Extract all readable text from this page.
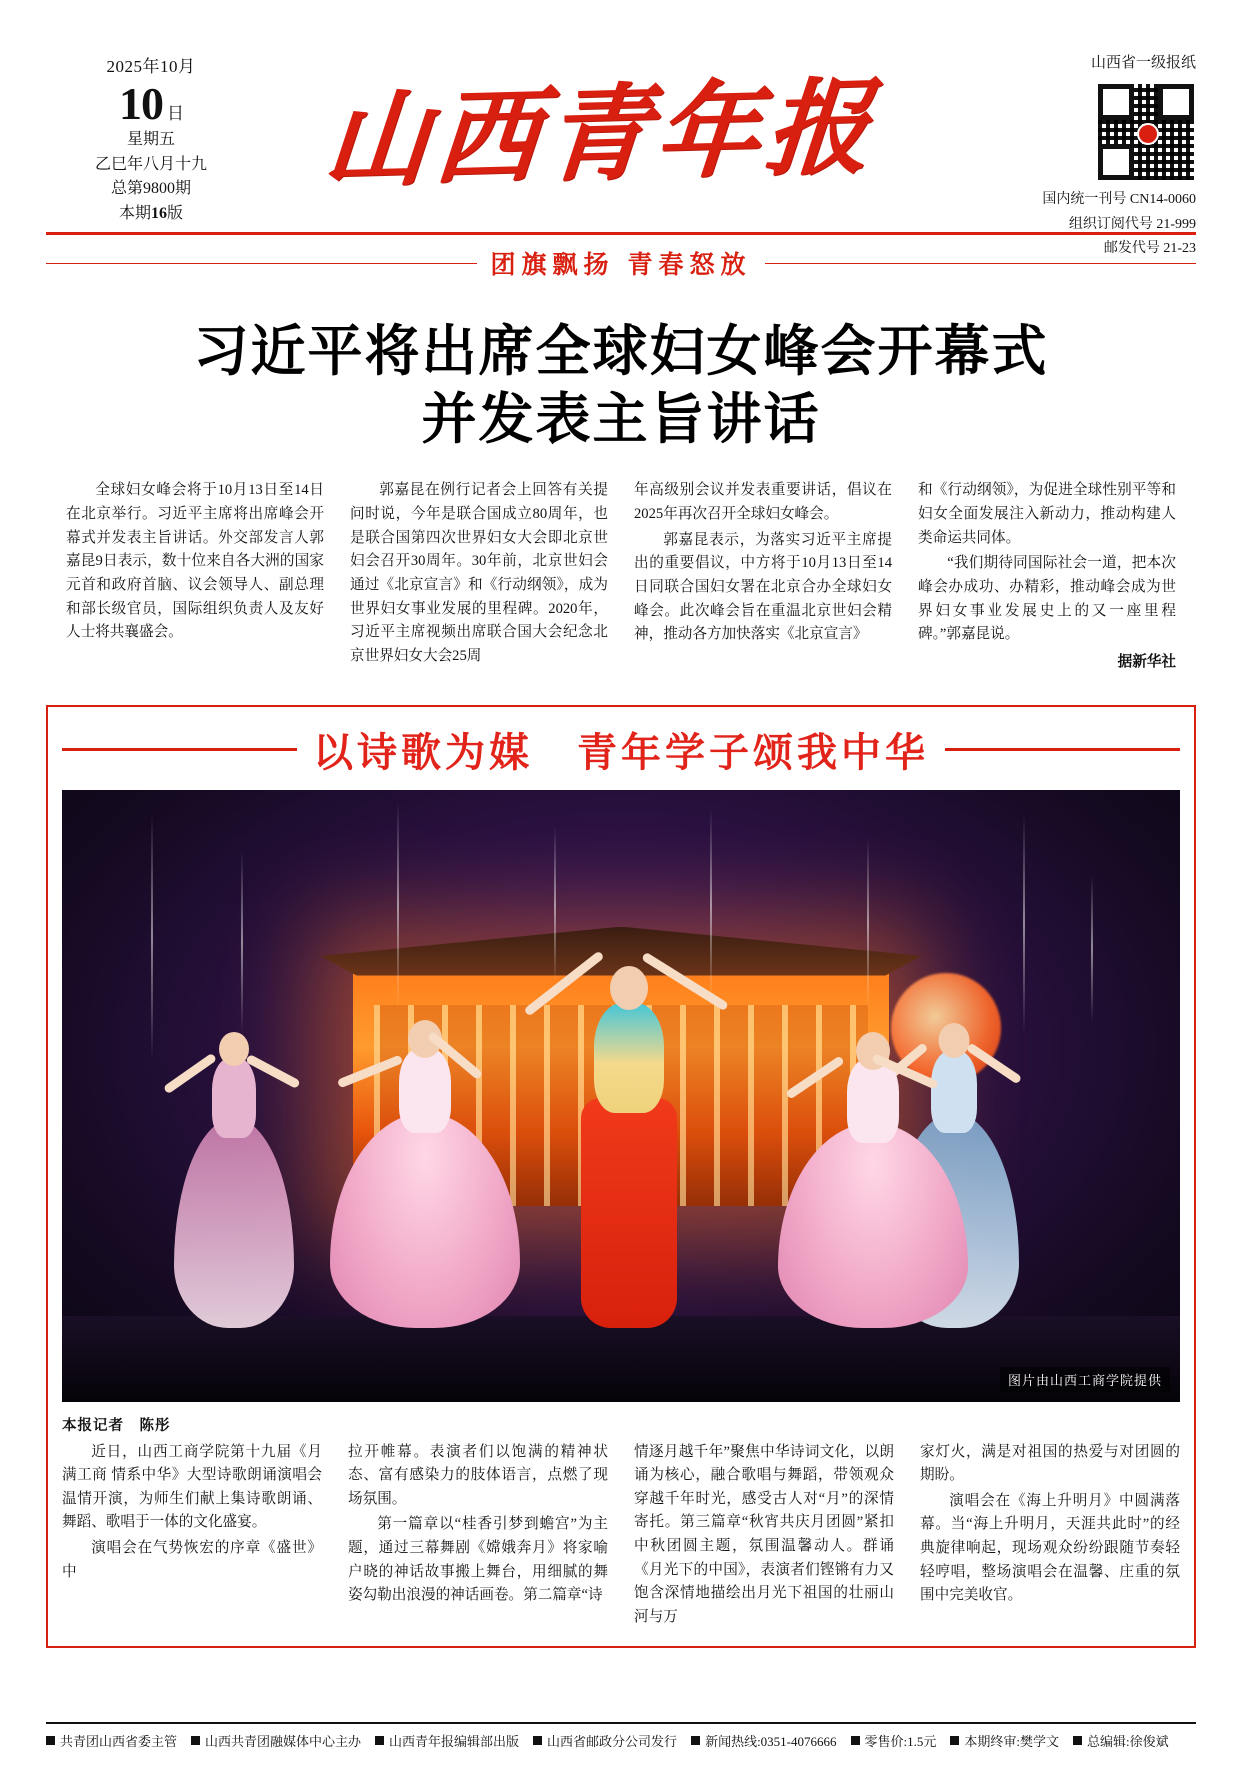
2025年10月
10 日
星期五
乙巳年八月十九
总第9800期
本期16版
山西青年报
山西省一级报纸
国内统一刊号 CN14-0060
组织订阅代号 21-999
邮发代号 21-23
团旗飘扬 青春怒放
习近平将出席全球妇女峰会开幕式
并发表主旨讲话

全球妇女峰会将于10月13日至14日在北京举行。习近平主席将出席峰会开幕式并发表主旨讲话。外交部发言人郭嘉昆9日表示，数十位来自各大洲的国家元首和政府首脑、议会领导人、副总理和部长级官员，国际组织负责人及友好人士将共襄盛会。

郭嘉昆在例行记者会上回答有关提问时说，今年是联合国成立80周年，也是联合国第四次世界妇女大会即北京世妇会召开30周年。30年前，北京世妇会通过《北京宣言》和《行动纲领》，成为世界妇女事业发展的里程碑。2020年，习近平主席视频出席联合国大会纪念北京世界妇女大会25周

年高级别会议并发表重要讲话，倡议在2025年再次召开全球妇女峰会。

郭嘉昆表示，为落实习近平主席提出的重要倡议，中方将于10月13日至14日同联合国妇女署在北京合办全球妇女峰会。此次峰会旨在重温北京世妇会精神，推动各方加快落实《北京宣言》

和《行动纲领》，为促进全球性别平等和妇女全面发展注入新动力，推动构建人类命运共同体。

“我们期待同国际社会一道，把本次峰会办成功、办精彩，推动峰会成为世界妇女事业发展史上的又一座里程碑。”郭嘉昆说。

据新华社
以诗歌为媒　青年学子颂我中华
图片由山西工商学院提供
本报记者　陈彤

近日，山西工商学院第十九届《月满工商 情系中华》大型诗歌朗诵演唱会温情开演，为师生们献上集诗歌朗诵、舞蹈、歌唱于一体的文化盛宴。

演唱会在气势恢宏的序章《盛世》中

拉开帷幕。表演者们以饱满的精神状态、富有感染力的肢体语言，点燃了现场氛围。

第一篇章以“桂香引梦到蟾宫”为主题，通过三幕舞剧《嫦娥奔月》将家喻户晓的神话故事搬上舞台，用细腻的舞姿勾勒出浪漫的神话画卷。第二篇章“诗

情逐月越千年”聚焦中华诗词文化，以朗诵为核心，融合歌唱与舞蹈，带领观众穿越千年时光，感受古人对“月”的深情寄托。第三篇章“秋宵共庆月团圆”紧扣中秋团圆主题，氛围温馨动人。群诵《月光下的中国》，表演者们铿锵有力又饱含深情地描绘出月光下祖国的壮丽山河与万

家灯火，满是对祖国的热爱与对团圆的期盼。

演唱会在《海上升明月》中圆满落幕。当“海上升明月，天涯共此时”的经典旋律响起，现场观众纷纷跟随节奏轻轻哼唱，整场演唱会在温馨、庄重的氛围中完美收官。

共青团山西省委主管 山西共青团融媒体中心主办 山西青年报编辑部出版 山西省邮政分公司发行 新闻热线:0351-4076666 零售价:1.5元 本期终审:樊学文 总编辑:徐俊斌
